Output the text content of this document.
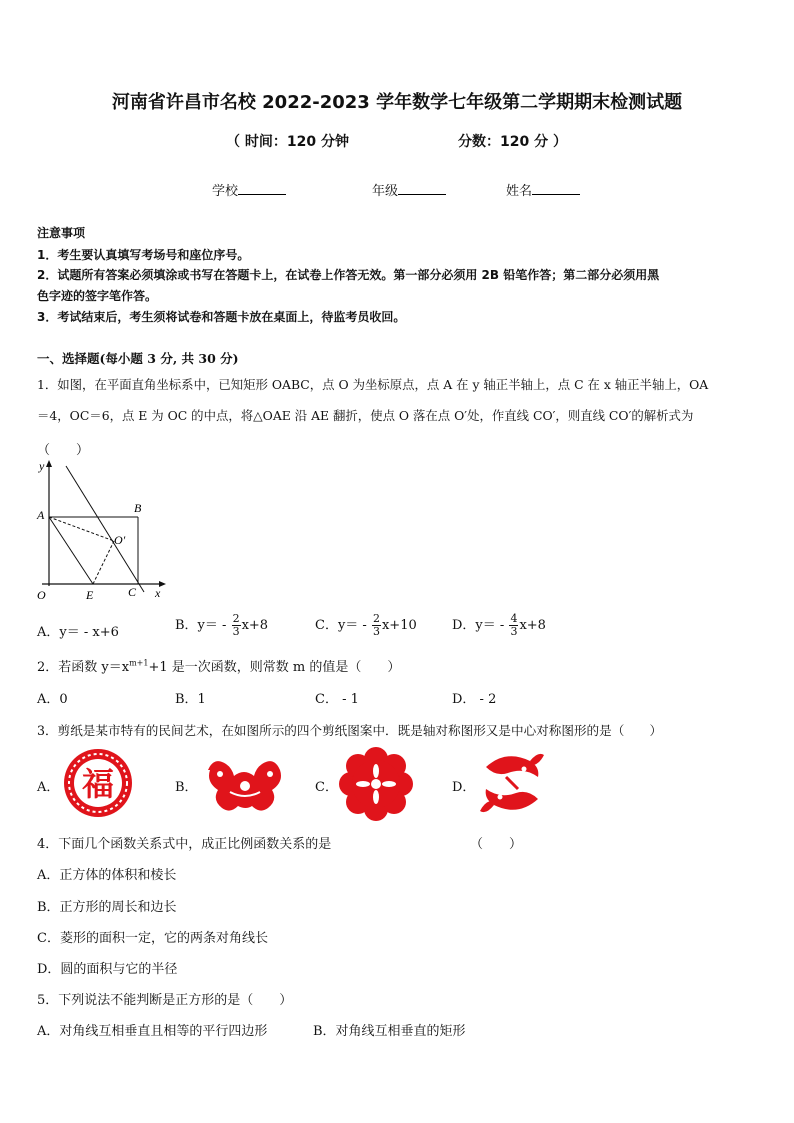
河南省许昌市名校 2022-2023 学年数学七年级第二学期期末检测试题
（ 时间：120 分钟	分数：120 分 ）
学校	年级	姓名
注意事项
1．考生要认真填写考场号和座位序号。
2．试题所有答案必须填涂或书写在答题卡上，在试卷上作答无效。第一部分必须用 2B 铅笔作答；第二部分必须用黑
色字迹的签字笔作答。
3．考试结束后，考生须将试卷和答题卡放在桌面上，待监考员收回。
一、选择题(每小题 3 分, 共 30 分)
1．如图，在平面直角坐标系中，已知矩形 OABC，点 O 为坐标原点，点 A 在 y 轴正半轴上，点 C 在 x 轴正半轴上，OA
＝4，OC＝6，点 E 为 OC 的中点，将△OAE 沿 AE 翻折，使点 O 落在点 O′处，作直线 CO′，则直线 CO′的解析式为
（　　）
y
A	B
O′
O	E	C x
A．y＝ - x+6	B．$y= - \frac{2}{3} x+8$	C．$y= - \frac{2}{3} x+10$	D．$y= - \frac{4}{3} x+8$
2．若函数 $y=x^{m+1}+1$ 是一次函数，则常数 m 的值是（　　）
A．0	B．1	C． - 1	D． - 2
3．剪纸是某市特有的民间艺术，在如图所示的四个剪纸图案中．既是轴对称图形又是中心对称图形的是（　　）
A． 福	B．	C．	D．
4．下面几个函数关系式中，成正比例函数关系的是	（　　）
A．正方体的体积和棱长
B．正方形的周长和边长
C．菱形的面积一定，它的两条对角线长
D．圆的面积与它的半径
5．下列说法不能判断是正方形的是（　　）
A．对角线互相垂直且相等的平行四边形	B．对角线互相垂直的矩形
